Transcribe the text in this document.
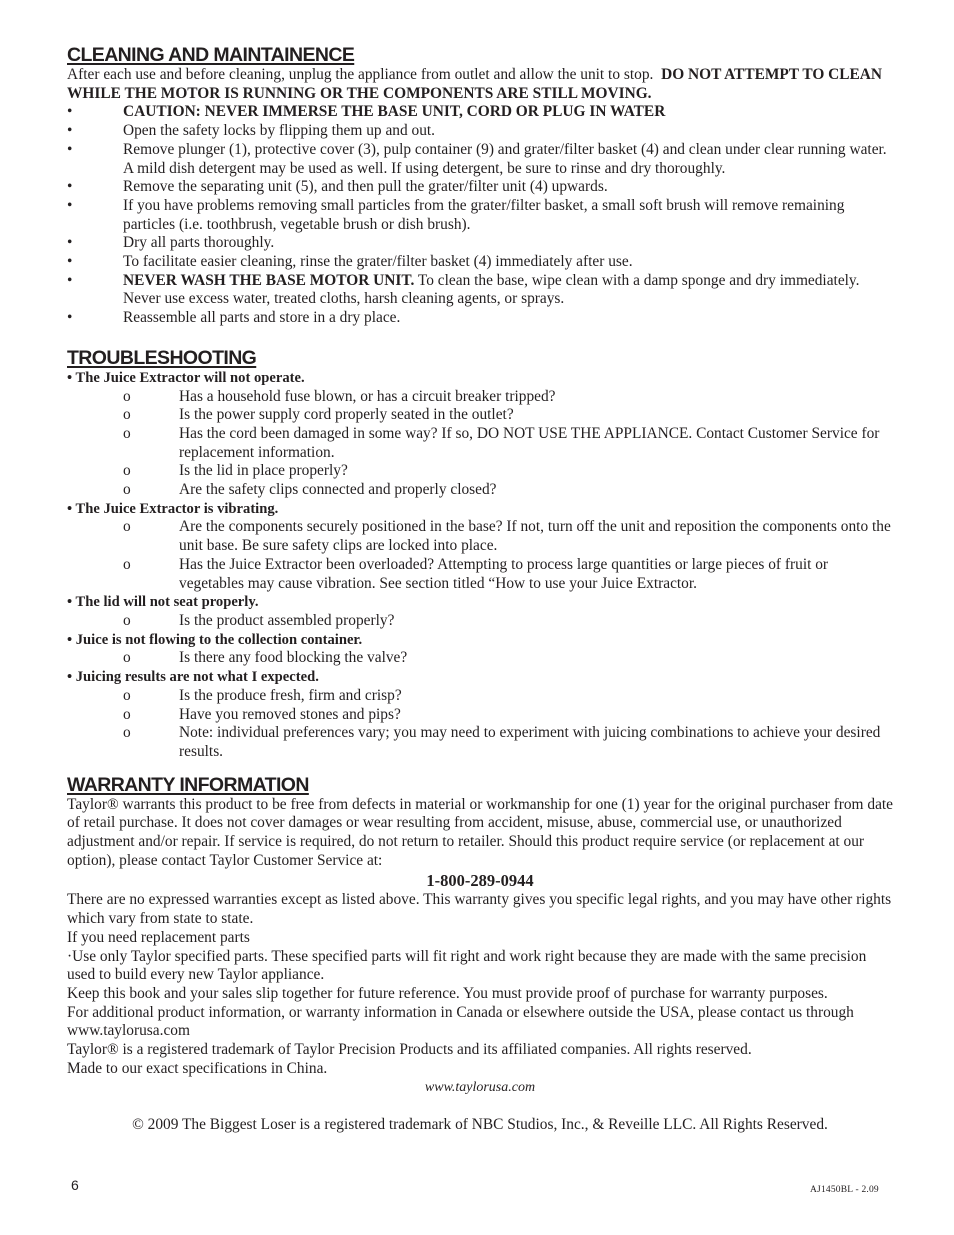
CLEANING AND MAINTAINENCE

After each use and before cleaning, unplug the appliance from outlet and allow the unit to stop. DO NOT ATTEMPT TO CLEAN WHILE THE MOTOR IS RUNNING OR THE COMPONENTS ARE STILL MOVING.

•	CAUTION: NEVER IMMERSE THE BASE UNIT, CORD OR PLUG IN WATER
•	Open the safety locks by flipping them up and out.
•	Remove plunger (1), protective cover (3), pulp container (9) and grater/filter basket (4) and clean under clear running water. A mild dish detergent may be used as well. If using detergent, be sure to rinse and dry thoroughly.
•	Remove the separating unit (5), and then pull the grater/filter unit (4) upwards.
•	If you have problems removing small particles from the grater/filter basket, a small soft brush will remove remaining particles (i.e. toothbrush, vegetable brush or dish brush).
•	Dry all parts thoroughly.
•	To facilitate easier cleaning, rinse the grater/filter basket (4) immediately after use.
•	NEVER WASH THE BASE MOTOR UNIT. To clean the base, wipe clean with a damp sponge and dry immediately. Never use excess water, treated cloths, harsh cleaning agents, or sprays.
•	Reassemble all parts and store in a dry place.
TROUBLESHOOTING

• The Juice Extractor will not operate.

o	Has a household fuse blown, or has a circuit breaker tripped?
o	Is the power supply cord properly seated in the outlet?
o	Has the cord been damaged in some way? If so, DO NOT USE THE APPLIANCE. Contact Customer Service for replacement information.
o	Is the lid in place properly?
o	Are the safety clips connected and properly closed?

• The Juice Extractor is vibrating.

o	Are the components securely positioned in the base? If not, turn off the unit and reposition the components onto the unit base. Be sure safety clips are locked into place.
o	Has the Juice Extractor been overloaded? Attempting to process large quantities or large pieces of fruit or vegetables may cause vibration. See section titled “How to use your Juice Extractor.

• The lid will not seat properly.

o	Is the product assembled properly?

• Juice is not flowing to the collection container.

o	Is there any food blocking the valve?

• Juicing results are not what I expected.

o	Is the produce fresh, firm and crisp?
o	Have you removed stones and pips?
o	Note: individual preferences vary; you may need to experiment with juicing combinations to achieve your desired results.
WARRANTY INFORMATION

Taylor® warrants this product to be free from defects in material or workmanship for one (1) year for the original purchaser from date of retail purchase. It does not cover damages or wear resulting from accident, misuse, abuse, commercial use, or unauthorized adjustment and/or repair. If service is required, do not return to retailer. Should this product require service (or replacement at our option), please contact Taylor Customer Service at:

1-800-289-0944

There are no expressed warranties except as listed above. This warranty gives you specific legal rights, and you may have other rights which vary from state to state.

If you need replacement parts

·Use only Taylor specified parts. These specified parts will fit right and work right because they are made with the same precision used to build every new Taylor appliance.

Keep this book and your sales slip together for future reference. You must provide proof of purchase for warranty purposes.

For additional product information, or warranty information in Canada or elsewhere outside the USA, please contact us through www.taylorusa.com

Taylor® is a registered trademark of Taylor Precision Products and its affiliated companies. All rights reserved.

Made to our exact specifications in China.

www.taylorusa.com

© 2009 The Biggest Loser is a registered trademark of NBC Studios, Inc., & Reveille LLC. All Rights Reserved.

6	AJ1450BL - 2.09
